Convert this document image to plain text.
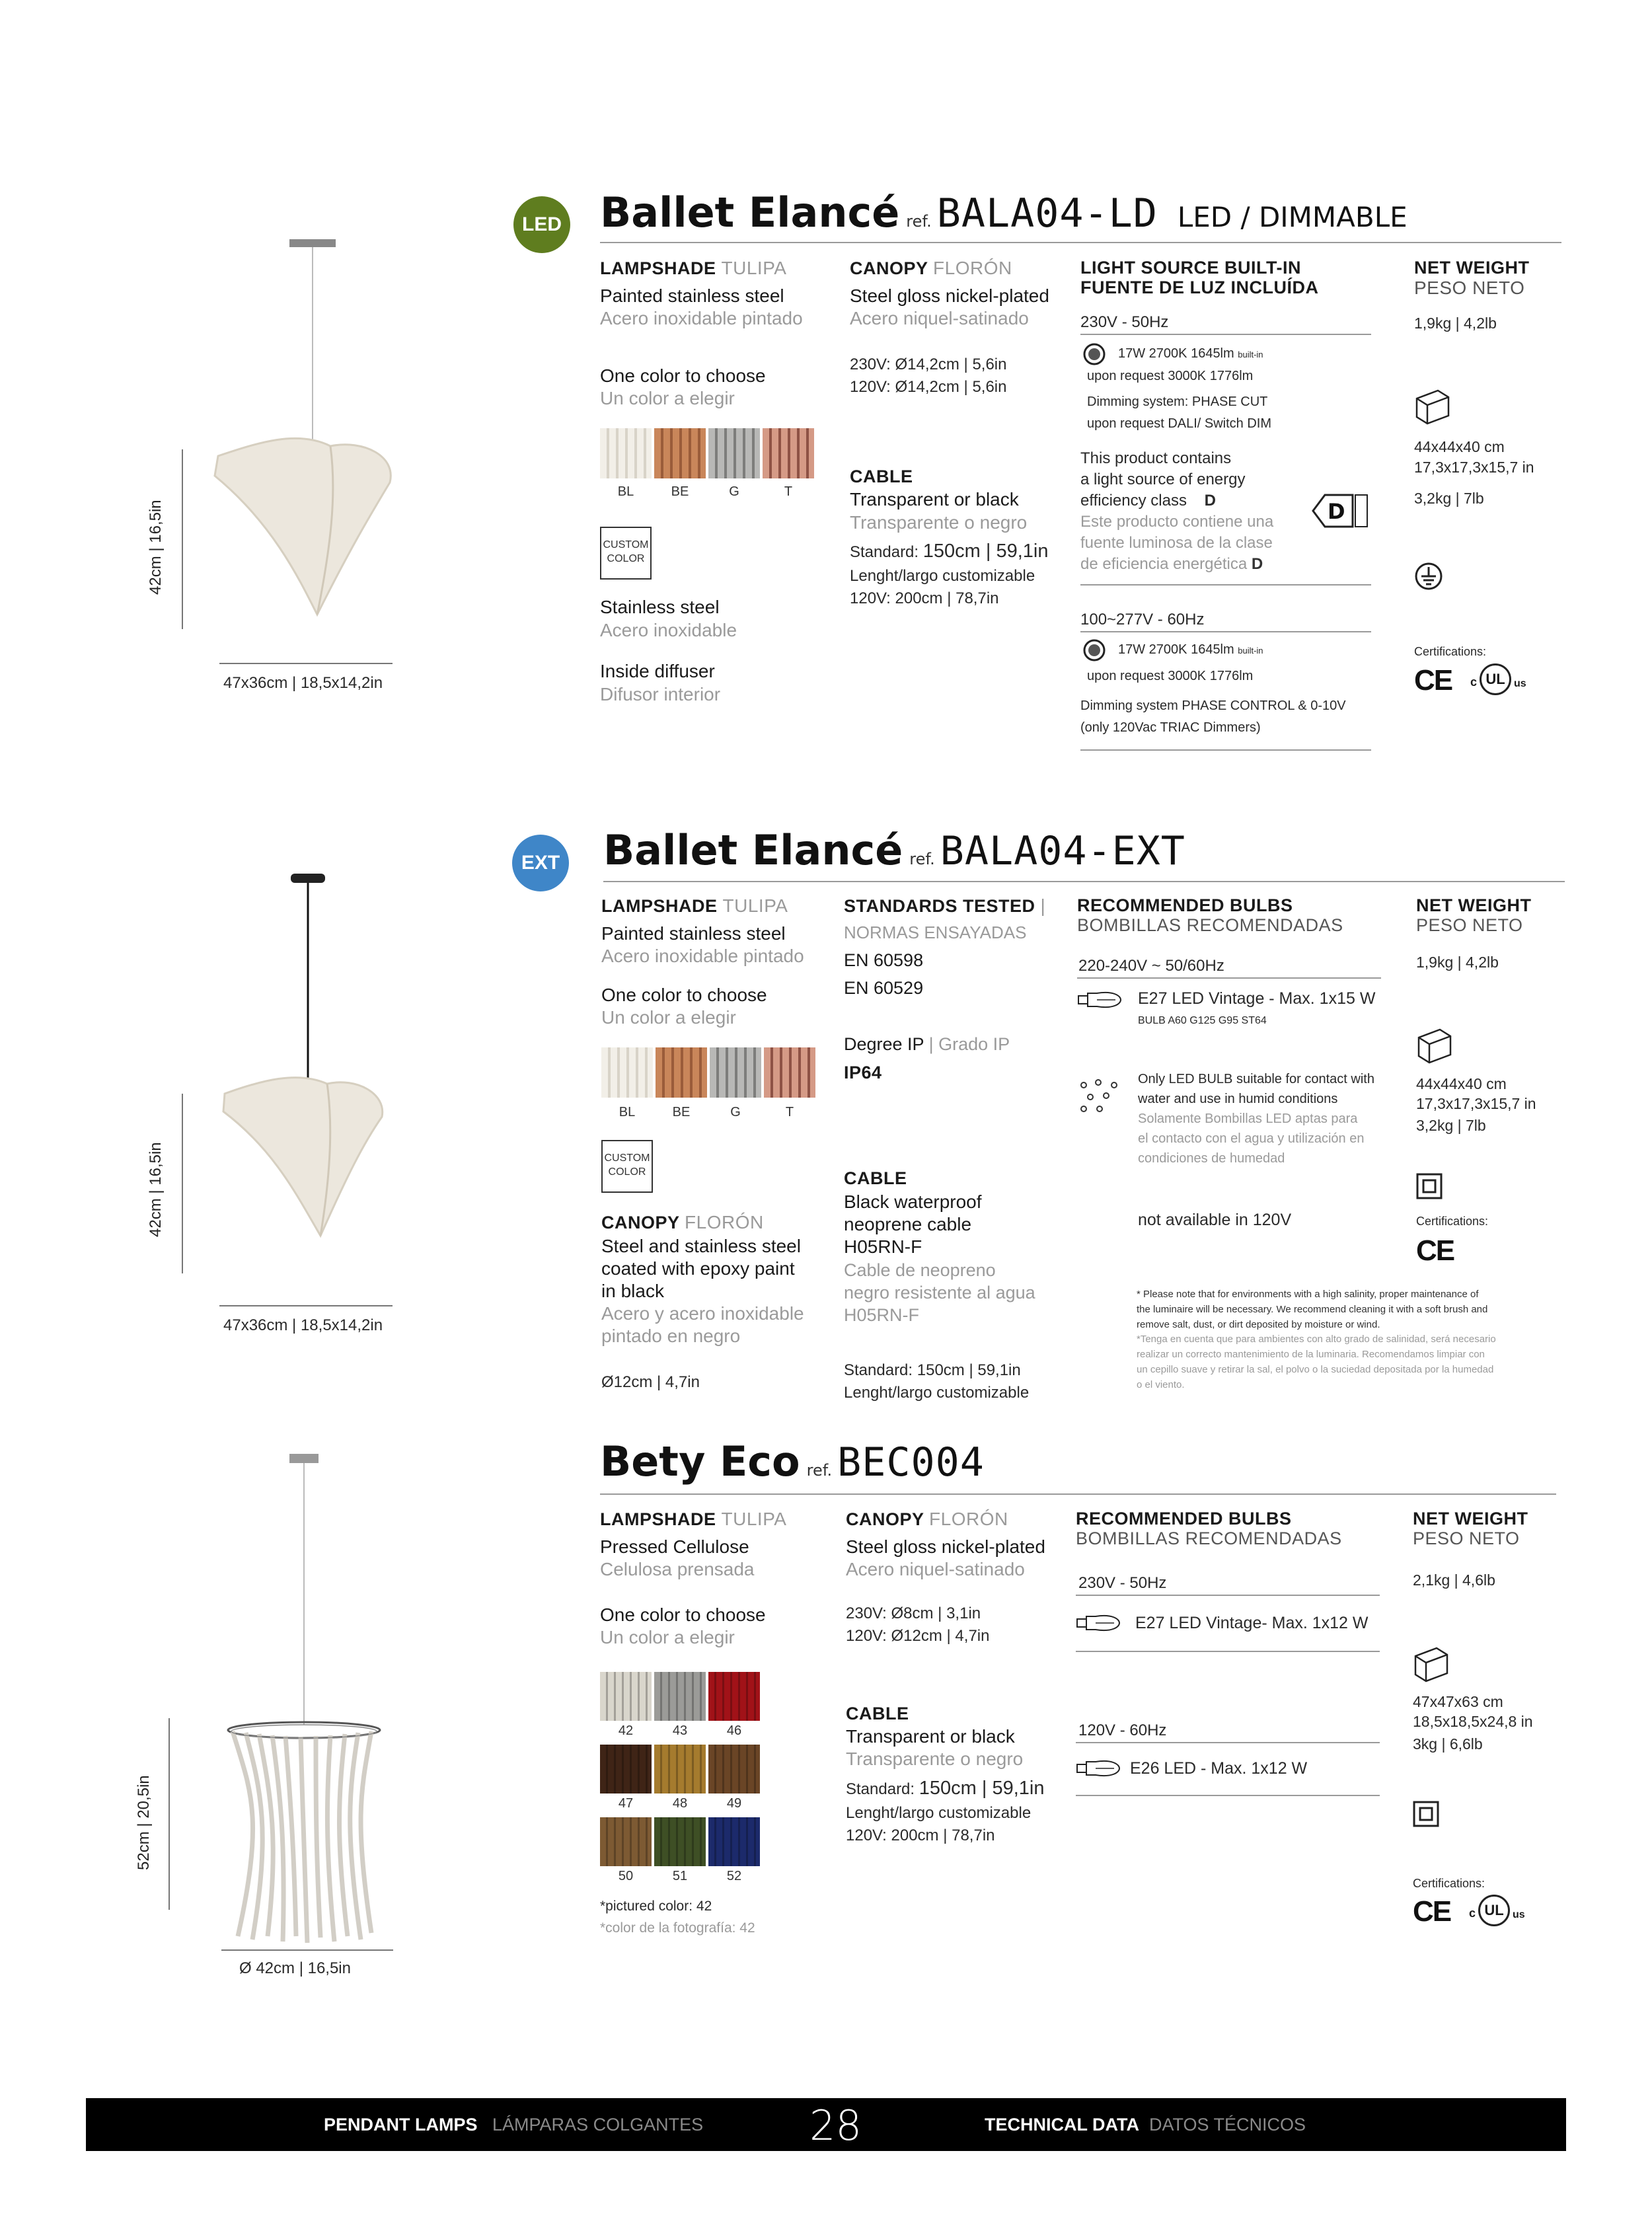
42cm | 16,5in
47x36cm | 18,5x14,2in
LED Ballet Elancé ref. BALA04-LD LED / DIMMABLE
LAMPSHADE TULIPA
Painted stainless steel
Acero inoxidable pintado
One color to choose
Un color a elegir
BL	BE	G	T
CUSTOM
COLOR
Stainless steel
Acero inoxidable
Inside diffuser
Difusor interior
CANOPY FLORÓN
Steel gloss nickel-plated
Acero niquel-satinado
230V: Ø14,2cm | 5,6in
120V: Ø14,2cm | 5,6in
CABLE
Transparent or black
Transparente o negro
Standard: 150cm | 59,1in
Lenght/largo customizable
120V: 200cm | 78,7in
LIGHT SOURCE BUILT-IN
FUENTE DE LUZ INCLUÍDA
230V - 50Hz
17W 2700K 1645lm built-in
upon request 3000K 1776lm
Dimming system: PHASE CUT
upon request DALI/ Switch DIM
This product contains
a light source of energy
efficiency class D
Este producto contiene una
fuente luminosa de la clase
de eficiencia energética D
D
100~277V - 60Hz
17W 2700K 1645lm built-in
upon request 3000K 1776lm
Dimming system PHASE CONTROL & 0-10V
(only 120Vac TRIAC Dimmers)
NET WEIGHT
PESO NETO
1,9kg | 4,2lb
44x44x40 cm
17,3x17,3x15,7 in
3,2kg | 7lb
Certifications:
CE c UL us
42cm | 16,5in
47x36cm | 18,5x14,2in
EXT Ballet Elancé ref. BALA04-EXT
LAMPSHADE TULIPA
Painted stainless steel
Acero inoxidable pintado
One color to choose
Un color a elegir
BL	BE	G	T
CUSTOM
COLOR
CANOPY FLORÓN
Steel and stainless steel
coated with epoxy paint
in black
Acero y acero inoxidable
pintado en negro
Ø12cm | 4,7in
STANDARDS TESTED |
NORMAS ENSAYADAS
EN 60598
EN 60529
Degree IP | Grado IP
IP64
CABLE
Black waterproof
neoprene cable
H05RN-F
Cable de neopreno
negro resistente al agua
H05RN-F
Standard: 150cm | 59,1in
Lenght/largo customizable
RECOMMENDED BULBS
BOMBILLAS RECOMENDADAS
220-240V ~ 50/60Hz
E27 LED Vintage - Max. 1x15 W
BULB A60 G125 G95 ST64
Only LED BULB suitable for contact with
water and use in humid conditions
Solamente Bombillas LED aptas para
el contacto con el agua y utilización en
condiciones de humedad
not available in 120V
* Please note that for environments with a high salinity, proper maintenance of
the luminaire will be necessary. We recommend cleaning it with a soft brush and
remove salt, dust, or dirt deposited by moisture or wind.
*Tenga en cuenta que para ambientes con alto grado de salinidad, será necesario
realizar un correcto mantenimiento de la luminaria. Recomendamos limpiar con
un cepillo suave y retirar la sal, el polvo o la suciedad depositada por la humedad
o el viento.
NET WEIGHT
PESO NETO
1,9kg | 4,2lb
44x44x40 cm
17,3x17,3x15,7 in
3,2kg | 7lb
Certifications:
CE
52cm | 20,5in
Ø 42cm | 16,5in
Bety Eco ref. BEC004
LAMPSHADE TULIPA
Pressed Cellulose
Celulosa prensada
One color to choose
Un color a elegir
42	43	46
47	48	49
50	51	52
*pictured color: 42
*color de la fotografía: 42
CANOPY FLORÓN
Steel gloss nickel-plated
Acero niquel-satinado
230V: Ø8cm | 3,1in
120V: Ø12cm | 4,7in
CABLE
Transparent or black
Transparente o negro
Standard: 150cm | 59,1in
Lenght/largo customizable
120V: 200cm | 78,7in
RECOMMENDED BULBS
BOMBILLAS RECOMENDADAS
230V - 50Hz
E27 LED Vintage- Max. 1x12 W
120V - 60Hz
E26 LED - Max. 1x12 W
NET WEIGHT
PESO NETO
2,1kg | 4,6lb
47x47x63 cm
18,5x18,5x24,8 in
3kg | 6,6lb
Certifications:
CE c UL us
PENDANT LAMPS LÁMPARAS COLGANTES	28	TECHNICAL DATA DATOS TÉCNICOS
